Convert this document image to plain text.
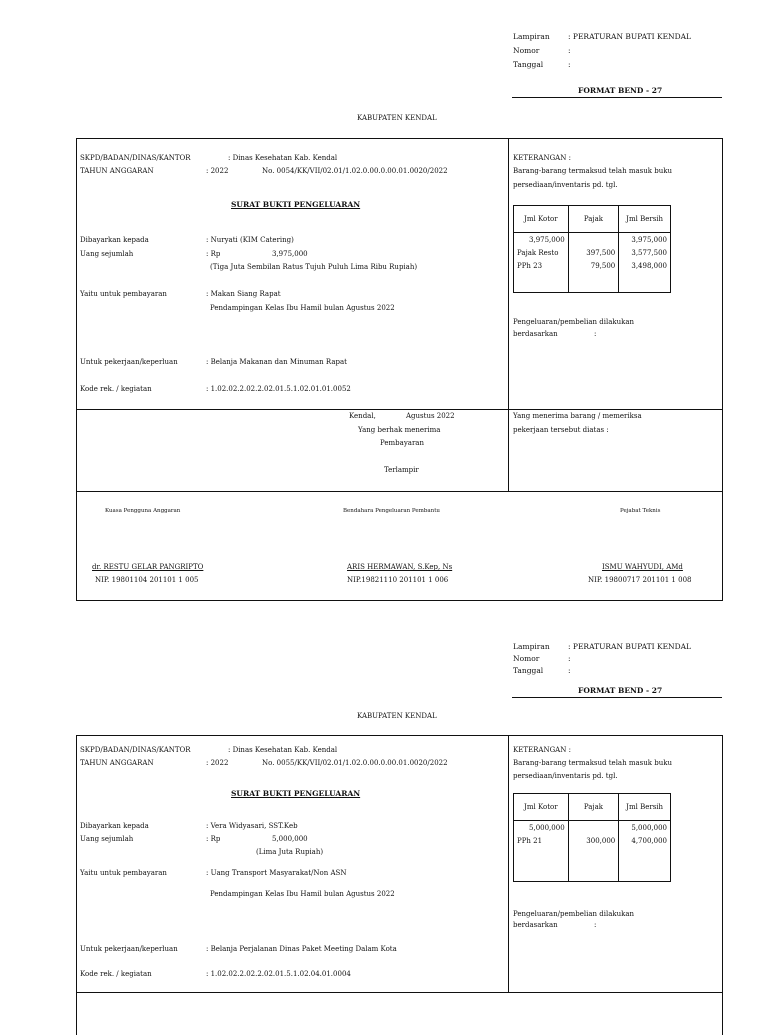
Lampiran : PERATURAN BUPATI KENDAL
Nomor	:
Tanggal	:
FORMAT BEND - 27
KABUPATEN KENDAL
SKPD/BADAN/DINAS/KANTOR	: Dinas Kesehatan Kab. Kendal
TAHUN ANGGARAN	: 2022	No. 0054/KK/VII/02.01/1.02.0.00.0.00.01.0020/2022
SURAT BUKTI PENGELUARAN
Dibayarkan kepada	: Nuryati (KIM Catering)
Uang sejumlah	: Rp	3,975,000
(Tiga Juta Sembilan Ratus Tujuh Puluh Lima Ribu Rupiah)
Yaitu untuk pembayaran	: Makan Siang Rapat
Pendampingan Kelas Ibu Hamil bulan Agustus 2022
Untuk pekerjaan/keperluan	: Belanja Makanan dan Minuman Rapat
Kode rek. / kegiatan	: 1.02.02.2.02.2.02.01.5.1.02.01.01.0052
KETERANGAN :
Barang-barang termaksud telah masuk buku
persediaan/inventaris pd. tgl.
Jml Kotor	Pajak	Jml Bersih
3,975,000		3,975,000
Pajak Resto	397,500	3,577,500
PPh 23	79,500	3,498,000

Pengeluaran/pembelian dilakukan
berdasarkan	:
Kendal,	Agustus 2022
Yang berhak menerima
Pembayaran
Terlampir
Yang menerima barang / memeriksa
pekerjaan tersebut diatas :
Kuasa Pengguna Anggaran	Bendahara Pengeluaran Pembantu	Pejabat Teknis
dr. RESTU GELAR PANGRIPTO	ARIS HERMAWAN, S.Kep, Ns	ISMU WAHYUDI, AMd
NIP. 19801104 201101 1 005	NIP.19821110 201101 1 006	NIP. 19800717 201101 1 008
Lampiran : PERATURAN BUPATI KENDAL
Nomor	:
Tanggal	:
FORMAT BEND - 27
KABUPATEN KENDAL
SKPD/BADAN/DINAS/KANTOR	: Dinas Kesehatan Kab. Kendal
TAHUN ANGGARAN	: 2022	No. 0055/KK/VII/02.01/1.02.0.00.0.00.01.0020/2022
SURAT BUKTI PENGELUARAN
Dibayarkan kepada	: Vera Widyasari, SST.Keb
Uang sejumlah	: Rp	5,000,000
(Lima Juta Rupiah)
Yaitu untuk pembayaran	: Uang Transport Masyarakat/Non ASN
Pendampingan Kelas Ibu Hamil bulan Agustus 2022
Untuk pekerjaan/keperluan	: Belanja Perjalanan Dinas Paket Meeting Dalam Kota
Kode rek. / kegiatan	: 1.02.02.2.02.2.02.01.5.1.02.04.01.0004
KETERANGAN :
Barang-barang termaksud telah masuk buku
persediaan/inventaris pd. tgl.
Jml Kotor	Pajak	Jml Bersih
5,000,000		5,000,000
PPh 21	300,000	4,700,000

Pengeluaran/pembelian dilakukan
berdasarkan	:
